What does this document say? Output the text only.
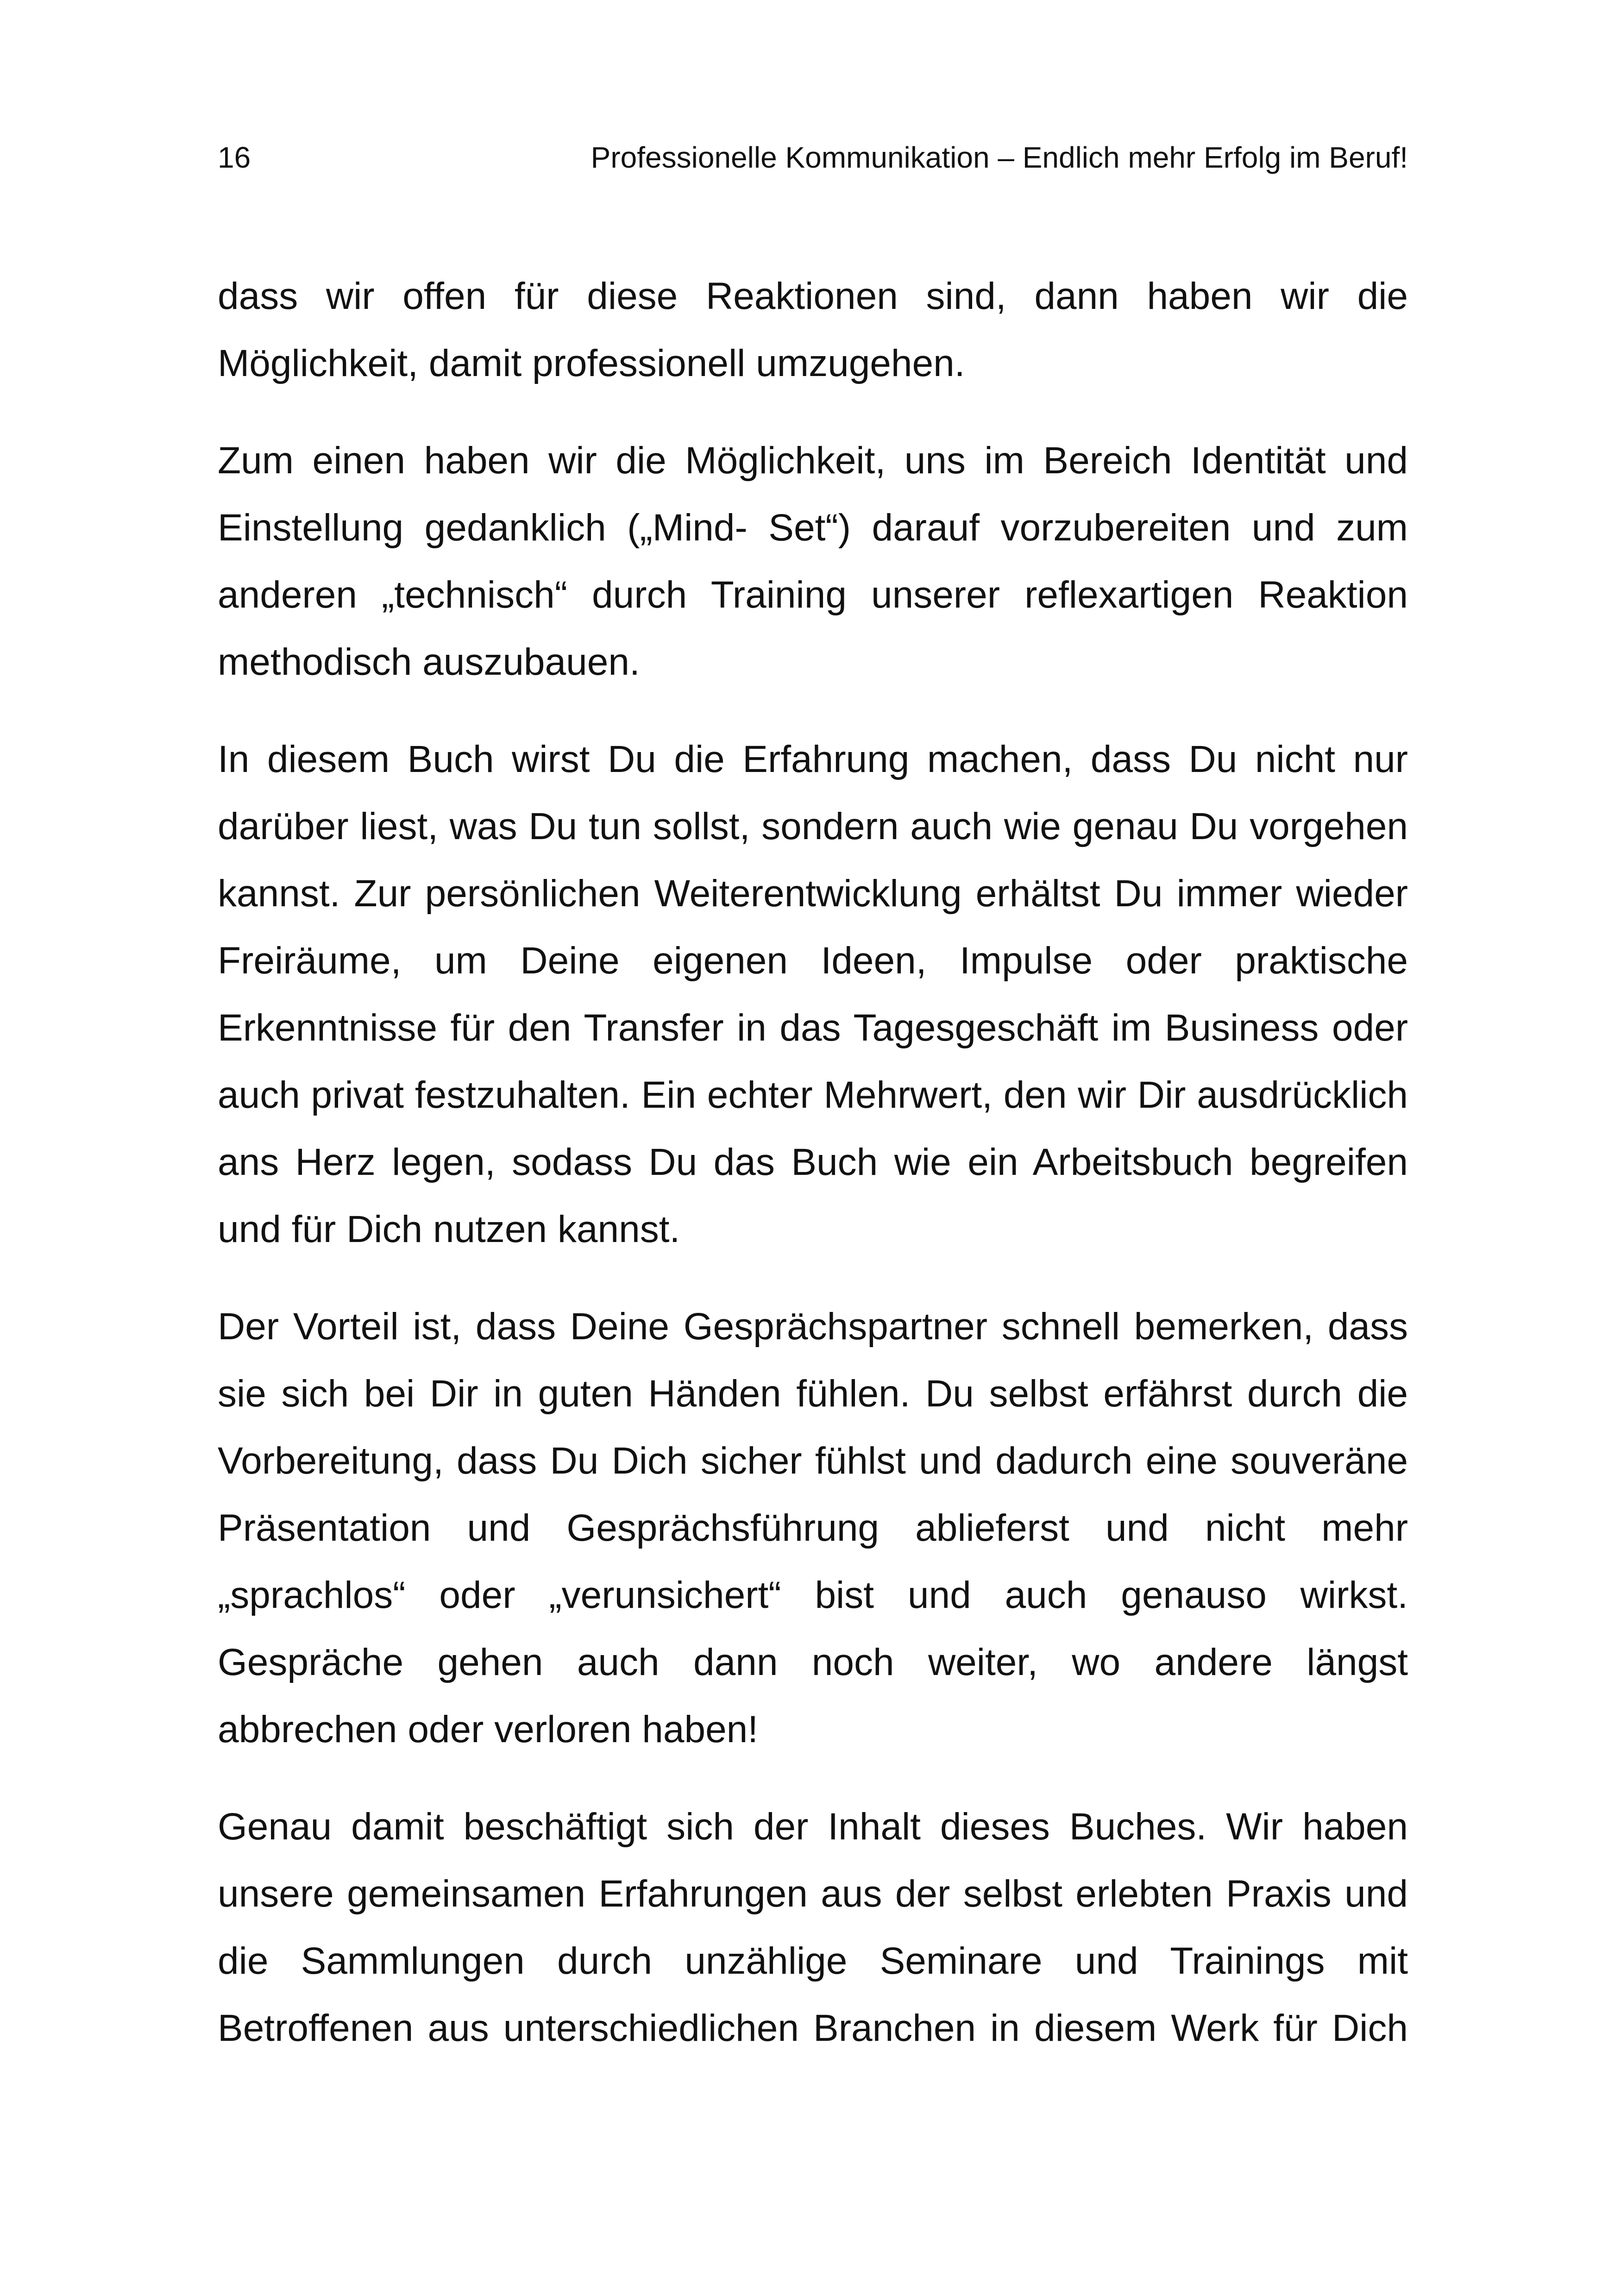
16	Professionelle Kommunikation – Endlich mehr Erfolg im Beruf!

dass wir offen für diese Reaktionen sind, dann haben wir die
Möglichkeit, damit professionell umzugehen.

Zum einen haben wir die Möglichkeit, uns im Bereich Identität und
Einstellung gedanklich („Mind- Set“) darauf vorzubereiten und zum
anderen „technisch“ durch Training unserer reflexartigen Reaktion
methodisch auszubauen.

In diesem Buch wirst Du die Erfahrung machen, dass Du nicht nur
darüber liest, was Du tun sollst, sondern auch wie genau Du vorgehen
kannst. Zur persönlichen Weiterentwicklung erhältst Du immer wieder
Freiräume, um Deine eigenen Ideen, Impulse oder praktische
Erkenntnisse für den Transfer in das Tagesgeschäft im Business oder
auch privat festzuhalten. Ein echter Mehrwert, den wir Dir ausdrücklich
ans Herz legen, sodass Du das Buch wie ein Arbeitsbuch begreifen
und für Dich nutzen kannst.

Der Vorteil ist, dass Deine Gesprächspartner schnell bemerken, dass
sie sich bei Dir in guten Händen fühlen. Du selbst erfährst durch die
Vorbereitung, dass Du Dich sicher fühlst und dadurch eine souveräne
Präsentation und Gesprächsführung ablieferst und nicht mehr
„sprachlos“ oder „verunsichert“ bist und auch genauso wirkst.
Gespräche gehen auch dann noch weiter, wo andere längst
abbrechen oder verloren haben!

Genau damit beschäftigt sich der Inhalt dieses Buches. Wir haben
unsere gemeinsamen Erfahrungen aus der selbst erlebten Praxis und
die Sammlungen durch unzählige Seminare und Trainings mit
Betroffenen aus unterschiedlichen Branchen in diesem Werk für Dich
